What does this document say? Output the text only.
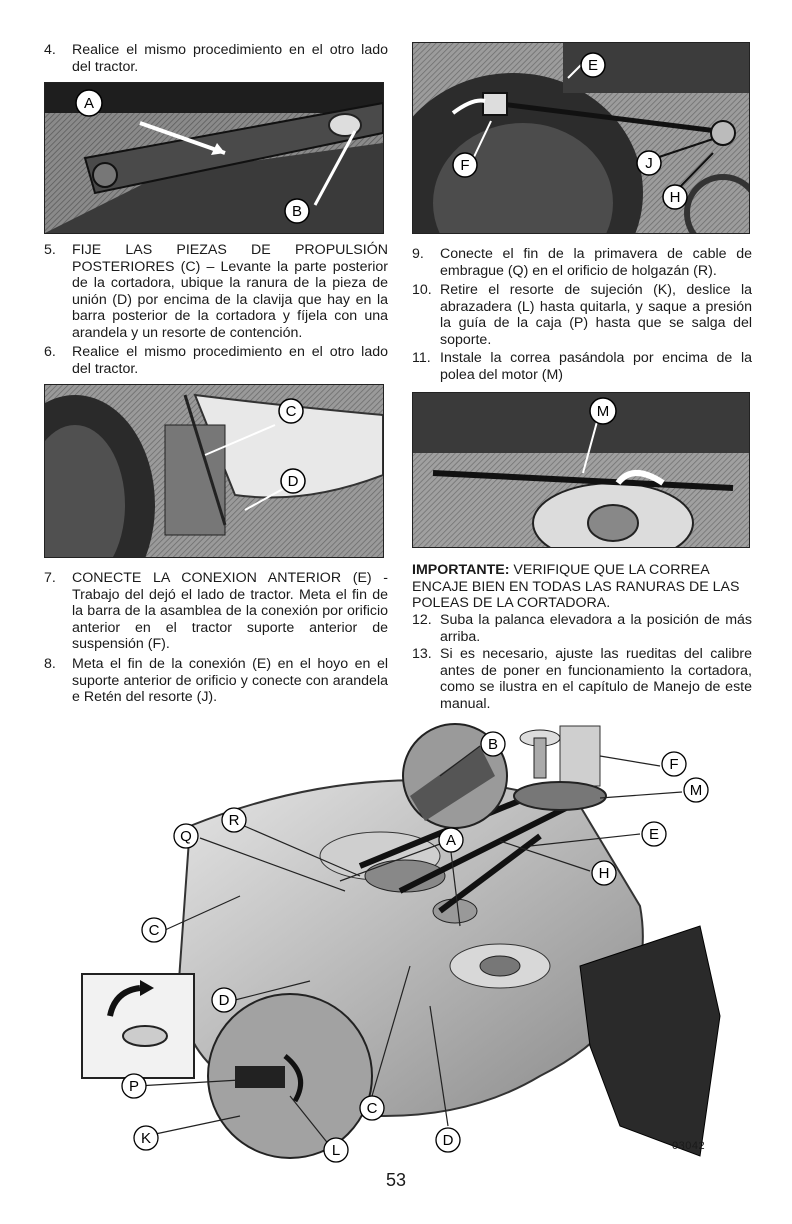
4.	Realice el mismo procedimiento en el otro lado del tractor.
A
B
5.	FIJE LAS PIEZAS DE PROPULSIÓN POSTERIORES (C) – Levante la parte posterior de la cortadora, ubique la ranura de la pieza de unión (D) por encima de la clavija que hay en la barra posterior de la cortadora y fíjela con una arandela y un resorte de contención.
6.	Realice el mismo procedimiento en el otro lado del tractor.
C
D
7.	CONECTE LA CONEXION ANTERIOR (E) - Trabajo del dejó el lado de tractor. Meta el fin de la barra de la asamblea de la conexión por orificio anterior en el tractor suporte anterior de suspensión (F).
8.	Meta el fin de la conexión (E) en el hoyo en el suporte anterior de orificio y conecte con arandela e Retén del resorte (J).
E
F	J
H
9.	Conecte el fin de la primavera de cable de embrague (Q) en el orificio de holgazán (R).
10. Retire el resorte de sujeción (K), deslice la abrazadera (L) hasta quitarla, y saque a presión la guía de la caja (P) hasta que se salga del soporte.
11. Instale la correa pasándola por encima de la polea del motor (M)
M
IMPORTANTE: VERIFIQUE QUE LA CORREA ENCAJE BIEN EN TODAS LAS RANURAS DE LAS POLEAS DE LA CORTADORA.
12. Suba la palanca elevadora a la posición de más arriba.
13. Si es necesario, ajuste las rueditas del calibre antes de poner en funcionamiento la cortadora, como se ilustra en el capítulo de Manejo de este manual.
B
F
M
E
H
A
Q
R
C
D
P
K
L
C
D	03042
53
